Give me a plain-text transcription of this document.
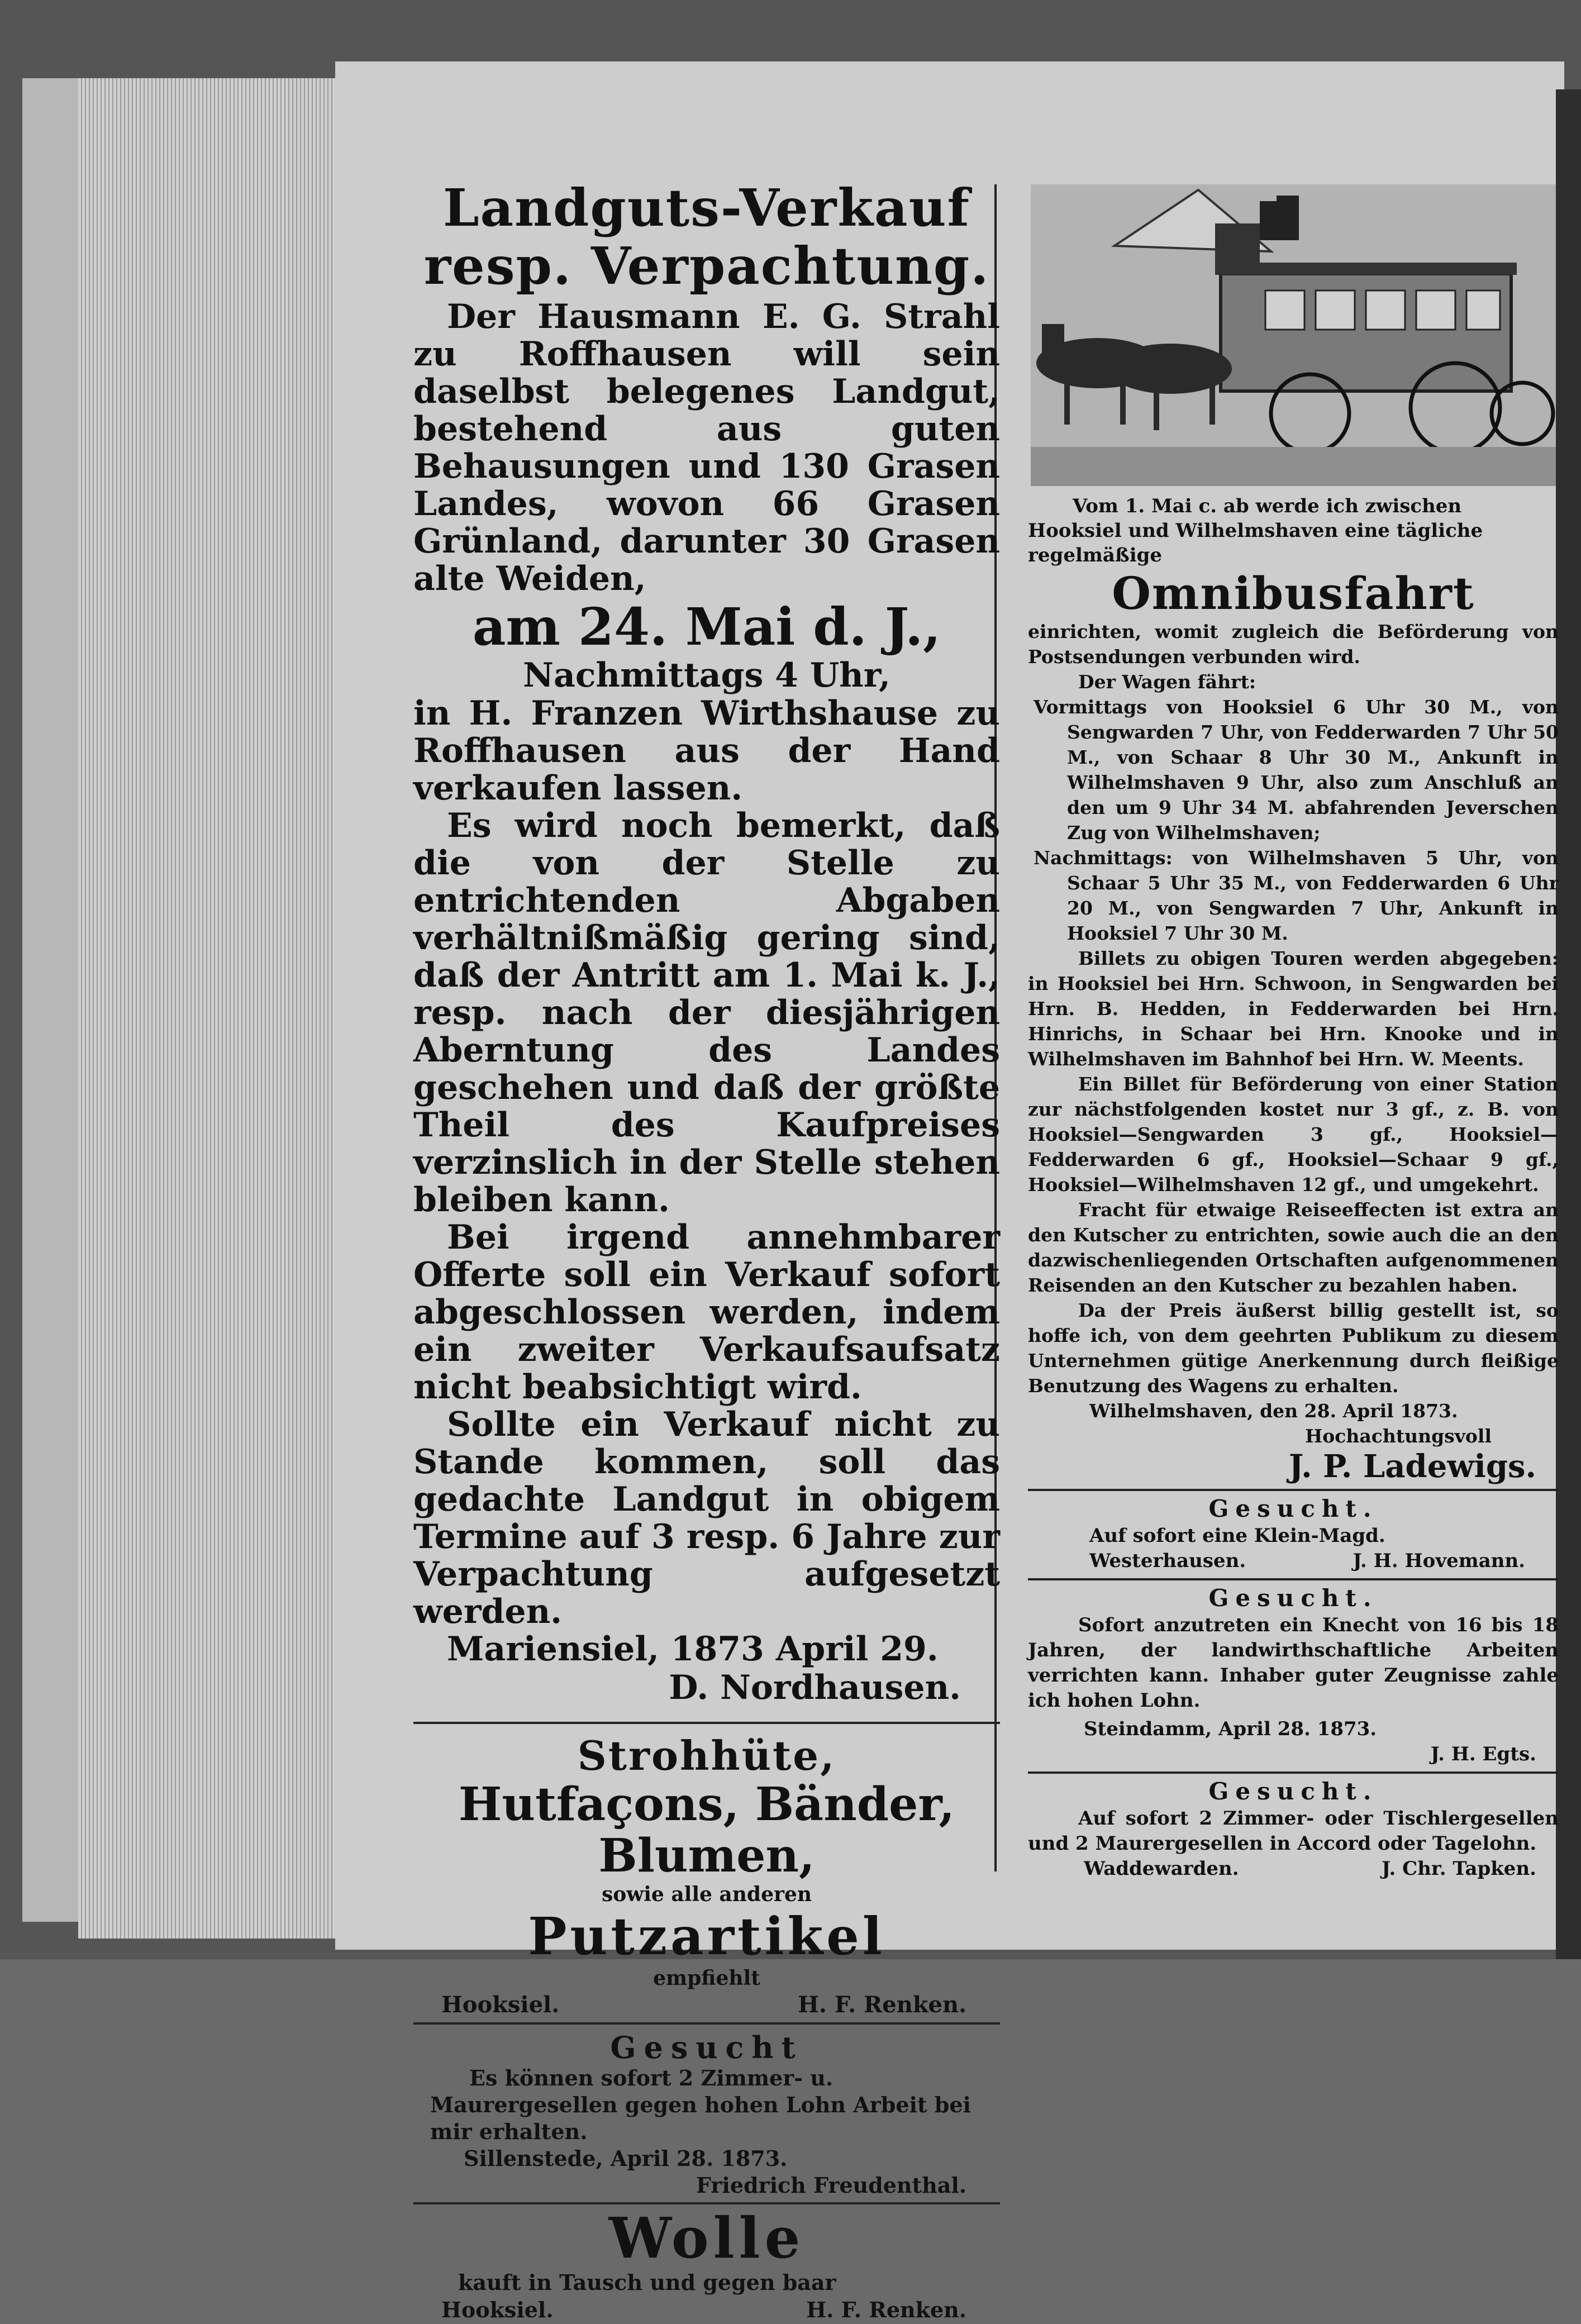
Landguts-Verkauf

resp. Verpachtung.

Der Hausmann E. G. Strahl zu Roffhausen will sein daselbst belegenes Landgut, bestehend aus guten Behausungen und 130 Grasen Landes, wovon 66 Grasen Grünland, darunter 30 Grasen alte Weiden,

am 24. Mai d. J.,

Nachmittags 4 Uhr,

in H. Franzen Wirthshause zu Roffhausen aus der Hand verkaufen lassen.

Es wird noch bemerkt, daß die von der Stelle zu entrichtenden Abgaben verhältnißmäßig gering sind, daß der Antritt am 1. Mai k. J., resp. nach der diesjährigen Aberntung des Landes geschehen und daß der größte Theil des Kaufpreises verzinslich in der Stelle stehen bleiben kann.

Bei irgend annehmbarer Offerte soll ein Verkauf sofort abgeschlossen werden, indem ein zweiter Verkaufsaufsatz nicht beabsichtigt wird.

Sollte ein Verkauf nicht zu Stande kommen, soll das gedachte Landgut in obigem Termine auf 3 resp. 6 Jahre zur Verpachtung aufgesetzt werden.

Mariensiel, 1873 April 29.

D. Nordhausen.

Strohhüte,

Hutfaçons, Bänder, Blumen,

sowie alle anderen

Putzartikel

empfiehlt

Hooksiel.	H. F. Renken.

Gesucht

Es können sofort 2 Zimmer- u. Maurergesellen gegen hohen Lohn Arbeit bei mir erhalten.

Sillenstede, April 28. 1873.

Friedrich Freudenthal.

Wolle

kauft in Tausch und gegen baar

Hooksiel.	H. F. Renken.

Vom 1. Mai c. ab werde ich zwischen Hooksiel und Wilhelmshaven eine tägliche regelmäßige

Omnibusfahrt

einrichten, womit zugleich die Beförderung von Postsendungen verbunden wird.

Der Wagen fährt:

Vormittags von Hooksiel 6 Uhr 30 M., von Sengwarden 7 Uhr, von Fedderwarden 7 Uhr 50 M., von Schaar 8 Uhr 30 M., Ankunft in Wilhelmshaven 9 Uhr, also zum Anschluß an den um 9 Uhr 34 M. abfahrenden Jeverschen Zug von Wilhelmshaven;

Nachmittags: von Wilhelmshaven 5 Uhr, von Schaar 5 Uhr 35 M., von Fedderwarden 6 Uhr 20 M., von Sengwarden 7 Uhr, Ankunft in Hooksiel 7 Uhr 30 M.

Billets zu obigen Touren werden abgegeben: in Hooksiel bei Hrn. Schwoon, in Sengwarden bei Hrn. B. Hedden, in Fedderwarden bei Hrn. Hinrichs, in Schaar bei Hrn. Knooke und in Wilhelmshaven im Bahnhof bei Hrn. W. Meents.

Ein Billet für Beförderung von einer Station zur nächstfolgenden kostet nur 3 gf., z. B. von Hooksiel—Sengwarden 3 gf., Hooksiel—Fedderwarden 6 gf., Hooksiel—Schaar 9 gf., Hooksiel—Wilhelmshaven 12 gf., und umgekehrt.

Fracht für etwaige Reiseeffecten ist extra an den Kutscher zu entrichten, sowie auch die an den dazwischenliegenden Ortschaften aufgenommenen Reisenden an den Kutscher zu bezahlen haben.

Da der Preis äußerst billig gestellt ist, so hoffe ich, von dem geehrten Publikum zu diesem Unternehmen gütige Anerkennung durch fleißige Benutzung des Wagens zu erhalten.

Wilhelmshaven, den 28. April 1873.

Hochachtungsvoll

J. P. Ladewigs.

Gesucht.

Auf sofort eine Klein-Magd.

Westerhausen.	J. H. Hovemann.

Gesucht.

Sofort anzutreten ein Knecht von 16 bis 18 Jahren, der landwirthschaftliche Arbeiten verrichten kann. Inhaber guter Zeugnisse zahle ich hohen Lohn.

Steindamm, April 28. 1873.

J. H. Egts.

Gesucht.

Auf sofort 2 Zimmer- oder Tischlergesellen und 2 Maurergesellen in Accord oder Tagelohn.

Waddewarden.	J. Chr. Tapken.
